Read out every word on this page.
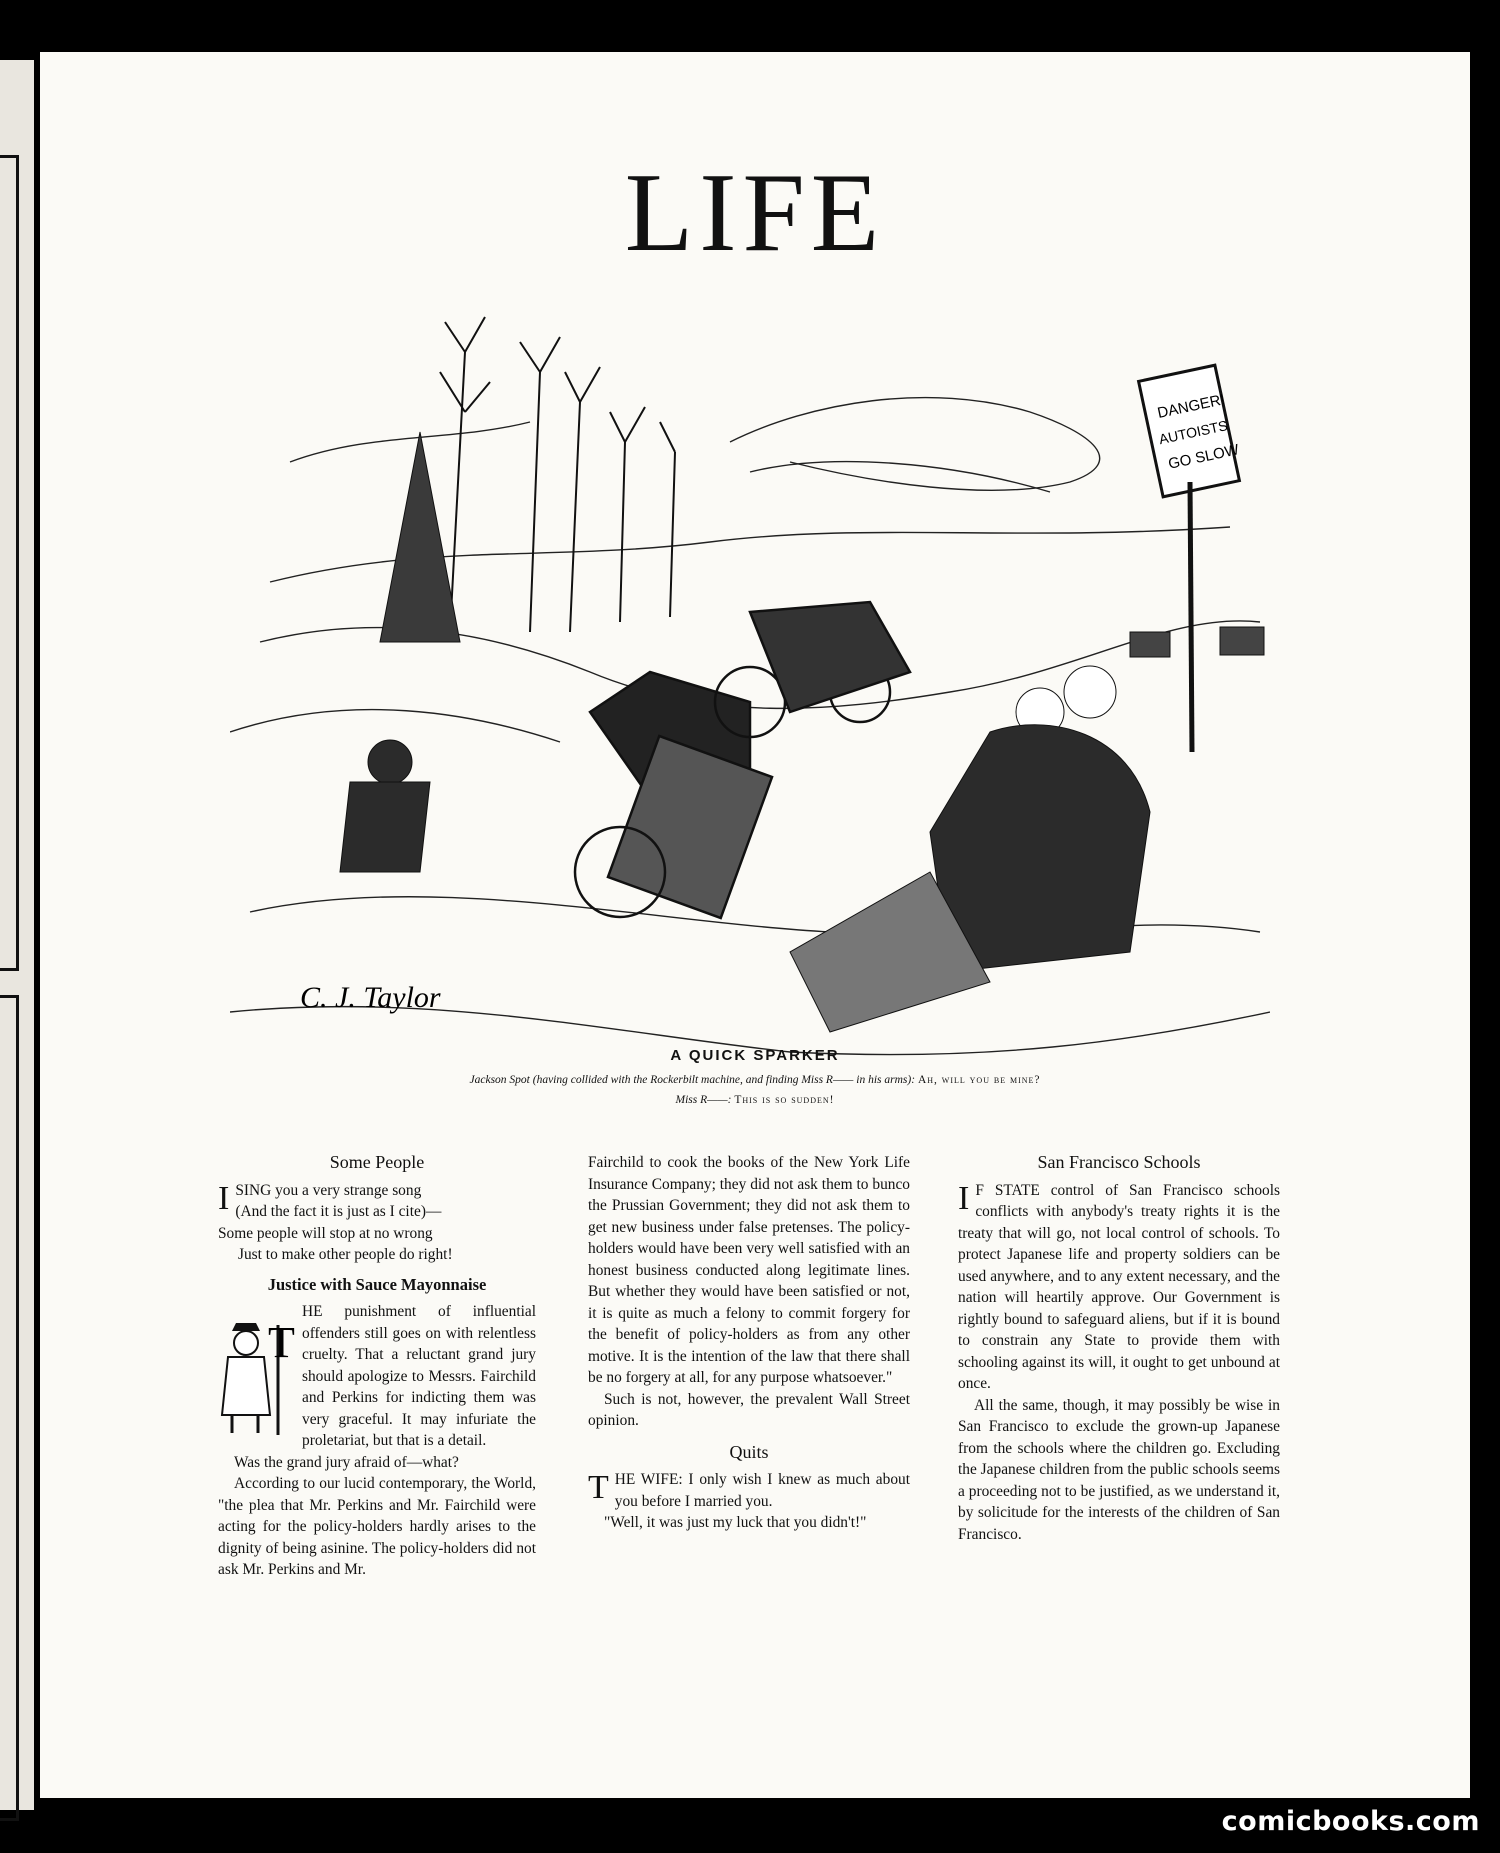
LIFE
DANGER!
AUTOISTS
GO SLOW
C. J. Taylor
A QUICK SPARKER
Jackson Spot (having collided with the Rockerbilt machine, and finding Miss R—— in his arms): Ah, will you be mine?
Miss R——: This is so sudden!
Some People
I SING you a very strange song

(And the fact it is just as I cite)—

Some people will stop at no wrong

Just to make other people do right!

Justice with Sauce Mayonnaise
T

HE punishment of influential offenders still goes on with relentless cruelty. That a reluctant grand jury should apologize to Messrs. Fairchild and Perkins for indicting them was very graceful. It may infuriate the proletariat, but that is a detail.

Was the grand jury afraid of—what?

According to our lucid contemporary, the World, "the plea that Mr. Perkins and Mr. Fairchild were acting for the policy-holders hardly arises to the dignity of being asinine. The policy-holders did not ask Mr. Perkins and Mr.

Fairchild to cook the books of the New York Life Insurance Company; they did not ask them to bunco the Prussian Government; they did not ask them to get new business under false pretenses. The policy-holders would have been very well satisfied with an honest business conducted along legitimate lines. But whether they would have been satisfied or not, it is quite as much a felony to commit forgery for the benefit of policy-holders as from any other motive. It is the intention of the law that there shall be no forgery at all, for any purpose whatsoever."

Such is not, however, the prevalent Wall Street opinion.

Quits
T HE WIFE: I only wish I knew as much about you before I married you.

"Well, it was just my luck that you didn't!"

San Francisco Schools
I F STATE control of San Francisco schools conflicts with anybody's treaty rights it is the treaty that will go, not local control of schools. To protect Japanese life and property soldiers can be used anywhere, and to any extent necessary, and the nation will heartily approve. Our Government is rightly bound to safeguard aliens, but if it is bound to constrain any State to provide them with schooling against its will, it ought to get unbound at once.

All the same, though, it may possibly be wise in San Francisco to exclude the grown-up Japanese from the schools where the children go. Excluding the Japanese children from the public schools seems a proceeding not to be justified, as we understand it, by solicitude for the interests of the children of San Francisco.

comicbooks.com
